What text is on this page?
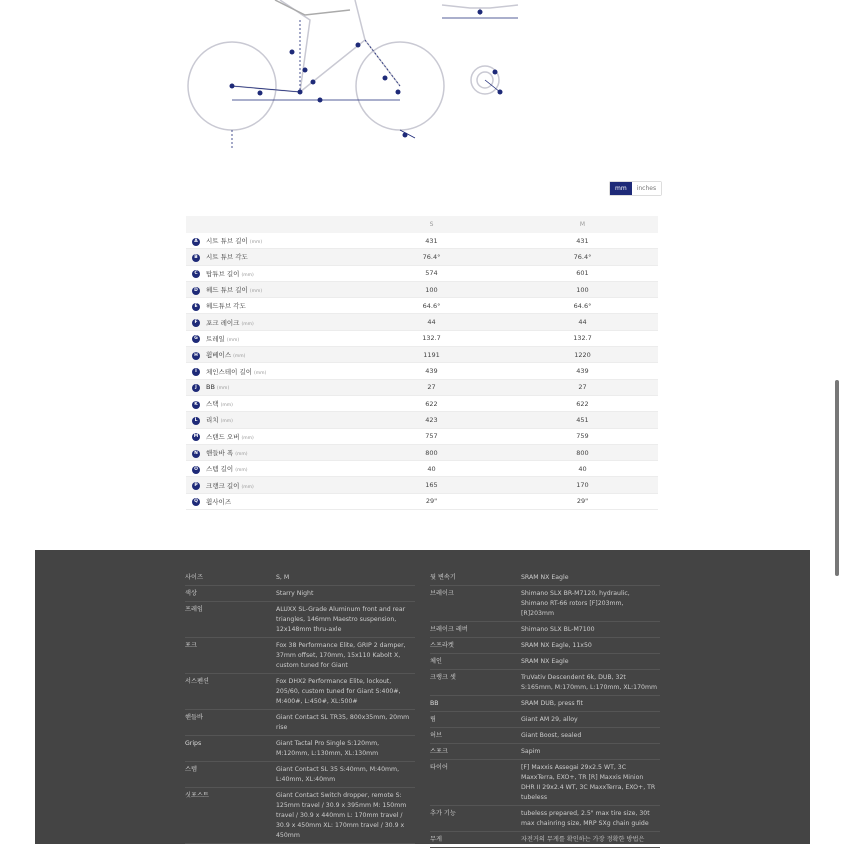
mm	inches
		S	M
A	시트 튜브 길이 (mm)	431	431
B	시트 튜브 각도	76.4°	76.4°
C	탑튜브 길이 (mm)	574	601
D	헤드 튜브 길이 (mm)	100	100
E	헤드튜브 각도	64.6°	64.6°
F	포크 레이크 (mm)	44	44
G	트레일 (mm)	132.7	132.7
H	휠베이스 (mm)	1191	1220
I	체인스테이 길이 (mm)	439	439
J	BB (mm)	27	27
K	스택 (mm)	622	622
L	리치 (mm)	423	451
M	스탠드 오버 (mm)	757	759
N	핸들바 폭 (mm)	800	800
O	스템 길이 (mm)	40	40
P	크랭크 길이 (mm)	165	170
Q	휠사이즈	29"	29"
사이즈	S, M
색상	Starry Night
프레임	ALUXX SL-Grade Aluminum front and rear
triangles, 146mm Maestro suspension,
12x148mm thru-axle
포크	Fox 38 Performance Elite, GRIP 2 damper,
37mm offset, 170mm, 15x110 Kabolt X,
custom tuned for Giant
서스펜션	Fox DHX2 Performance Elite, lockout,
205/60, custom tuned for Giant S:400#,
M:400#, L:450#, XL:500#
핸들바	Giant Contact SL TR35, 800x35mm, 20mm
rise
Grips	Giant Tactal Pro Single S:120mm,
M:120mm, L:130mm, XL:130mm
스템	Giant Contact SL 35 S:40mm, M:40mm,
L:40mm, XL:40mm
싯포스트	Giant Contact Switch dropper, remote S:
125mm travel / 30.9 x 395mm M: 150mm
travel / 30.9 x 440mm L: 170mm travel /
30.9 x 450mm XL: 170mm travel / 30.9 x
450mm
뒷 변속기	SRAM NX Eagle
브레이크	Shimano SLX BR-M7120, hydraulic,
Shimano RT-66 rotors [F]203mm,
[R]203mm
브레이크 레버	Shimano SLX BL-M7100
스프라켓	SRAM NX Eagle, 11x50
체인	SRAM NX Eagle
크랭크 셋	TruVativ Descendent 6k, DUB, 32t
S:165mm, M:170mm, L:170mm, XL:170mm
BB	SRAM DUB, press fit
림	Giant AM 29, alloy
허브	Giant Boost, sealed
스포크	Sapim
타이어	[F] Maxxis Assegai 29x2.5 WT, 3C
MaxxTerra, EXO+, TR [R] Maxxis Minion
DHR II 29x2.4 WT, 3C MaxxTerra, EXO+, TR
tubeless
추가 기능	tubeless prepared, 2.5" max tire size, 30t
max chainring size, MRP SXg chain guide
무게	자전거의 무게를 확인하는 가장 정확한 방법은
